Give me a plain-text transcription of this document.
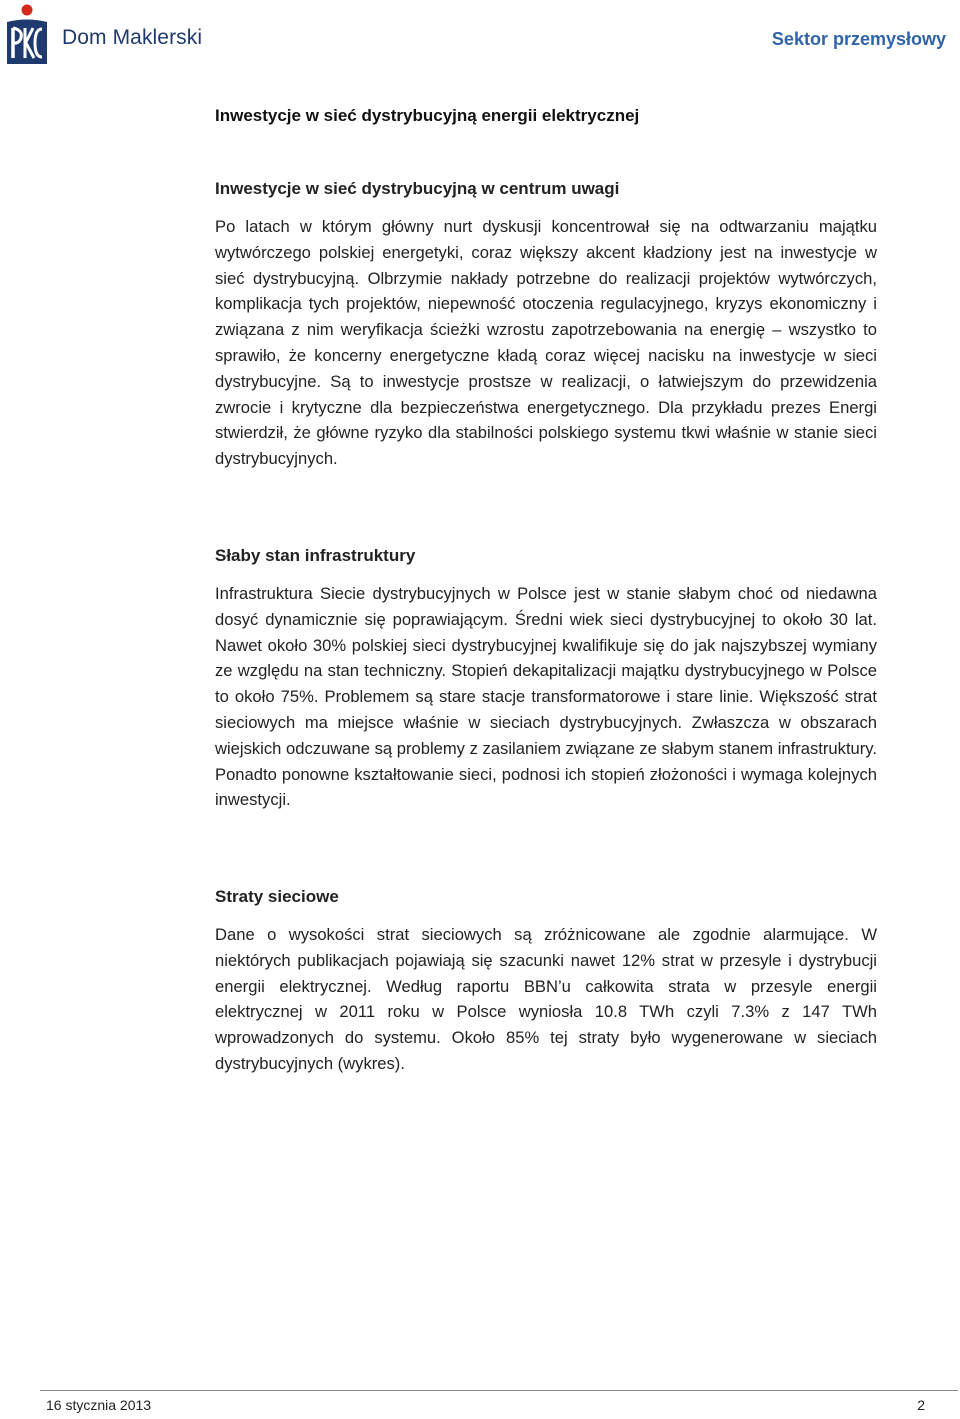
Dom Maklerski	Sektor przemysłowy
Inwestycje w sieć dystrybucyjną energii elektrycznej
Inwestycje w sieć dystrybucyjną w centrum uwagi

Po latach w którym główny nurt dyskusji koncentrował się na odtwarzaniu majątku wytwórczego polskiej energetyki, coraz większy akcent kładziony jest na inwestycje w sieć dystrybucyjną. Olbrzymie nakłady potrzebne do realizacji projektów wytwórczych, komplikacja tych projektów, niepewność otoczenia regulacyjnego, kryzys ekonomiczny i związana z nim weryfikacja ścieżki wzrostu zapotrzebowania na energię – wszystko to sprawiło, że koncerny energetyczne kładą coraz więcej nacisku na inwestycje w sieci dystrybucyjne. Są to inwestycje prostsze w realizacji, o łatwiejszym do przewidzenia zwrocie i krytyczne dla bezpieczeństwa energetycznego. Dla przykładu prezes Energi stwierdził, że główne ryzyko dla stabilności polskiego systemu tkwi właśnie w stanie sieci dystrybucyjnych.

Słaby stan infrastruktury

Infrastruktura Siecie dystrybucyjnych w Polsce jest w stanie słabym choć od niedawna dosyć dynamicznie się poprawiającym. Średni wiek sieci dystrybucyjnej to około 30 lat. Nawet około 30% polskiej sieci dystrybucyjnej kwalifikuje się do jak najszybszej wymiany ze względu na stan techniczny. Stopień dekapitalizacji majątku dystrybucyjnego w Polsce to około 75%. Problemem są stare stacje transformatorowe i stare linie. Większość strat sieciowych ma miejsce właśnie w sieciach dystrybucyjnych. Zwłaszcza w obszarach wiejskich odczuwane są problemy z zasilaniem związane ze słabym stanem infrastruktury. Ponadto ponowne kształtowanie sieci, podnosi ich stopień złożoności i wymaga kolejnych inwestycji.

Straty sieciowe

Dane o wysokości strat sieciowych są zróżnicowane ale zgodnie alarmujące. W niektórych publikacjach pojawiają się szacunki nawet 12% strat w przesyle i dystrybucji energii elektrycznej. Według raportu BBN’u całkowita strata w przesyle energii elektrycznej w 2011 roku w Polsce wyniosła 10.8 TWh czyli 7.3% z 147 TWh wprowadzonych do systemu. Około 85% tej straty było wygenerowane w sieciach dystrybucyjnych (wykres).

16 stycznia 2013	2
